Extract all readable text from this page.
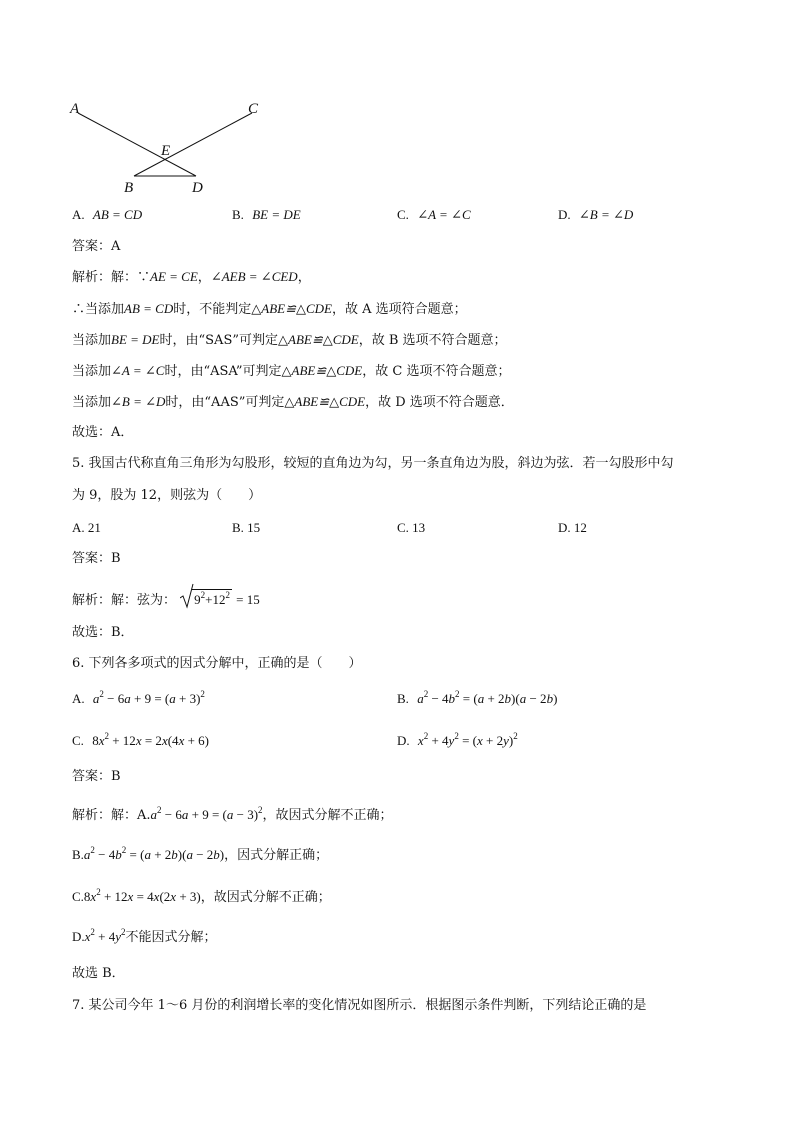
A	C
E
B	D
A. AB = CD	B. BE = DE	C. ∠A = ∠C	D. ∠B = ∠D
答案：A
解析：解：∵AE = CE，∠AEB = ∠CED，
∴当添加AB = CD时，不能判定△ABE≌△CDE，故 A 选项符合题意；
当添加BE = DE时，由“SAS”可判定△ABE≌△CDE，故 B 选项不符合题意；
当添加∠A = ∠C时，由“ASA”可判定△ABE≌△CDE，故 C 选项不符合题意；
当添加∠B = ∠D时，由“AAS”可判定△ABE≌△CDE，故 D 选项不符合题意．
故选：A．
5. 我国古代称直角三角形为勾股形，较短的直角边为勾，另一条直角边为股，斜边为弦．若一勾股形中勾
为 9，股为 12，则弦为（　　）
A. 21	B. 15	C. 13	D. 12
答案：B
解析：解：弦为： $9^2+12^2 = 15$
故选：B．
6. 下列各多项式的因式分解中，正确的是（　　）
A. $a^2 - 6a + 9 = (a + 3)^2$	B. $a^2 - 4b^2 = (a + 2b)(a - 2b)$
C. $8x^2 + 12x = 2x(4x + 6)$	D. $x^2 + 4y^2 = (x + 2y)^2$
答案：B
解析：解：$A.a^2 - 6a + 9 = (a - 3)^2$，故因式分解不正确；
$B.a^2 - 4b^2 = (a + 2b)(a - 2b)$，因式分解正确；
$C.8x^2 + 12x = 4x(2x + 3)$，故因式分解不正确；
$D.x^2 + 4y^2$不能因式分解；
故选 B．
7. 某公司今年 1～6 月份的利润增长率的变化情况如图所示．根据图示条件判断，下列结论正确的是
